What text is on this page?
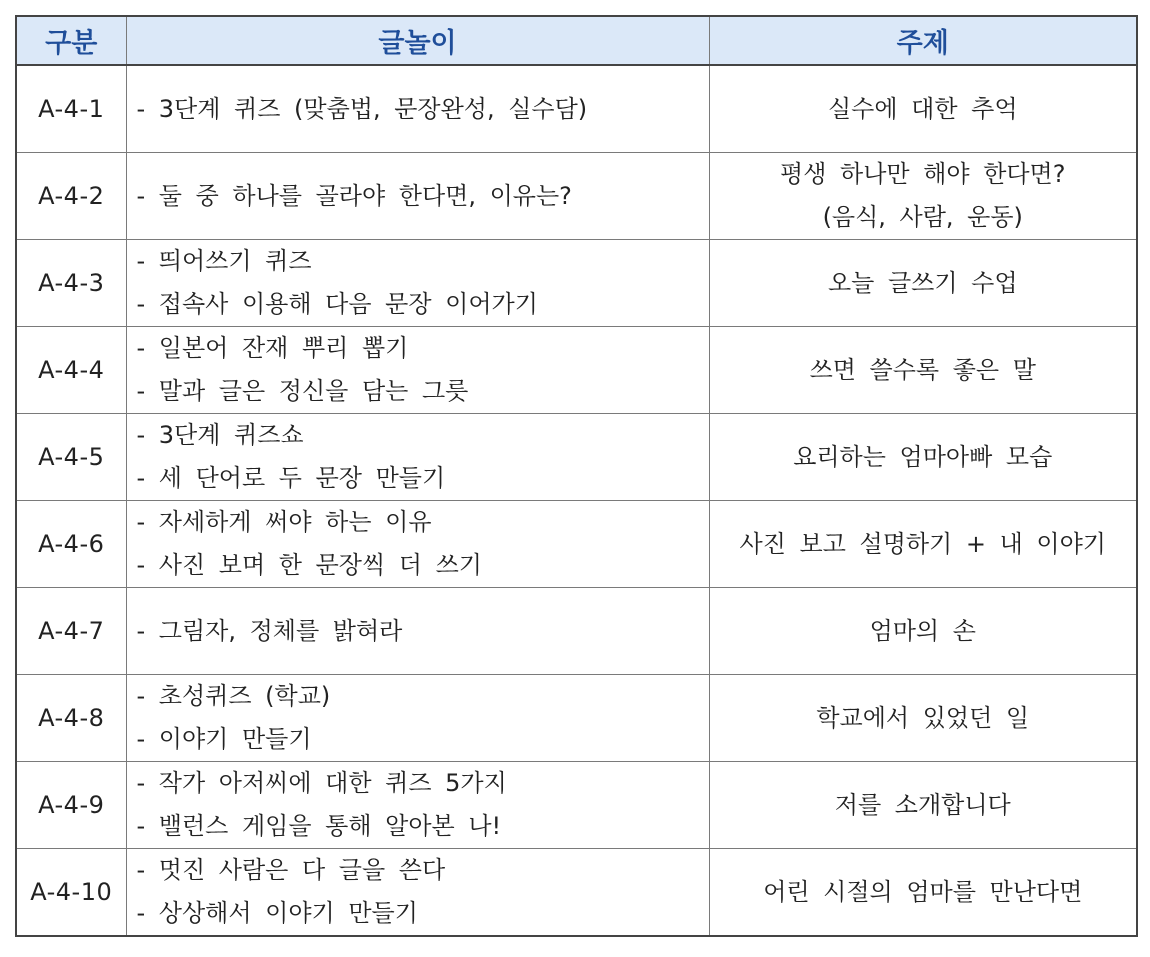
구분	글놀이	주제
A-4-1	- 3단계 퀴즈 (맞춤법, 문장완성, 실수담)	실수에 대한 추억

A-4-2	- 둘 중 하나를 골라야 한다면, 이유는?	평생 하나만 해야 한다면?
(음식, 사람, 운동)

A-4-3	- 띄어쓰기 퀴즈
- 접속사 이용해 다음 문장 이어가기	오늘 글쓰기 수업

A-4-4	- 일본어 잔재 뿌리 뽑기
- 말과 글은 정신을 담는 그릇	쓰면 쓸수록 좋은 말

A-4-5	- 3단계 퀴즈쇼
- 세 단어로 두 문장 만들기	요리하는 엄마아빠 모습

A-4-6	- 자세하게 써야 하는 이유
- 사진 보며 한 문장씩 더 쓰기	사진 보고 설명하기 + 내 이야기

A-4-7	- 그림자, 정체를 밝혀라	엄마의 손

A-4-8	- 초성퀴즈 (학교)
- 이야기 만들기	학교에서 있었던 일

A-4-9	- 작가 아저씨에 대한 퀴즈 5가지
- 밸런스 게임을 통해 알아본 나!	저를 소개합니다

A-4-10	- 멋진 사람은 다 글을 쓴다
- 상상해서 이야기 만들기	어린 시절의 엄마를 만난다면
